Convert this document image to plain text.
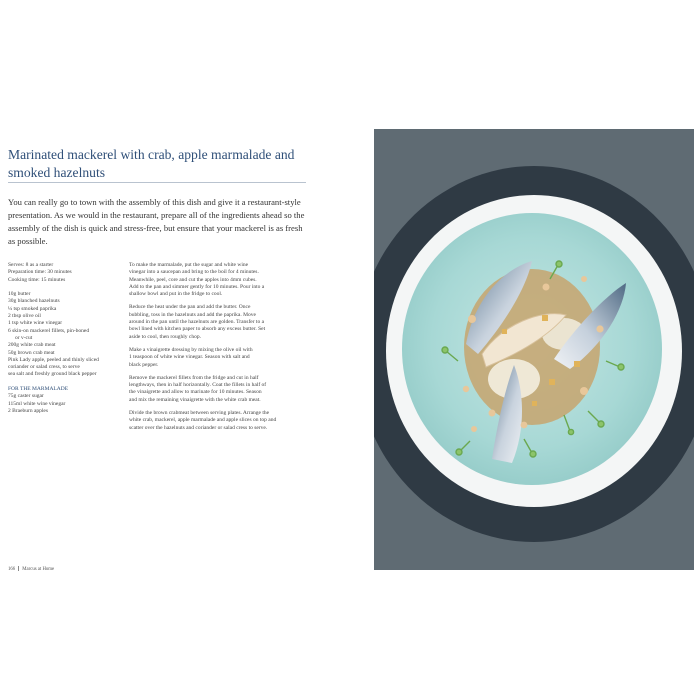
Marinated mackerel with crab, apple marmalade and smoked hazelnuts

You can really go to town with the assembly of this dish and give it a restaurant-style presentation. As we would in the restaurant, prepare all of the ingredients ahead so the assembly of the dish is quick and stress-free, but ensure that your mackerel is as fresh as possible.

Serves: 8 as a starter
Preparation time: 30 minutes
Cooking time: 15 minutes
10g butter
30g blanched hazelnuts
¼ tsp smoked paprika
2 tbsp olive oil
1 tsp white wine vinegar
6 skin-on mackerel fillets, pin-boned
or v-cut
200g white crab meat
50g brown crab meat
Pink Lady apple, peeled and thinly sliced
coriander or salad cress, to serve
sea salt and freshly ground black pepper
FOR THE MARMALADE
75g caster sugar
115ml white wine vinegar
2 Braeburn apples
To make the marmalade, put the sugar and white wine
vinegar into a saucepan and bring to the boil for 4 minutes.
Meanwhile, peel, core and cut the apples into 4mm cubes.
Add to the pan and simmer gently for 10 minutes. Pour into a
shallow bowl and put in the fridge to cool.
Reduce the heat under the pan and add the butter. Once
bubbling, toss in the hazelnuts and add the paprika. Move
around in the pan until the hazelnuts are golden. Transfer to a
bowl lined with kitchen paper to absorb any excess butter. Set
aside to cool, then roughly chop.
Make a vinaigrette dressing by mixing the olive oil with
1 teaspoon of white wine vinegar. Season with salt and
black pepper.
Remove the mackerel fillets from the fridge and cut in half
lengthways, then in half horizontally. Coat the fillets in half of
the vinaigrette and allow to marinate for 10 minutes. Season
and mix the remaining vinaigrette with the white crab meat.
Divide the brown crabmeat between serving plates. Arrange the
white crab, mackerel, apple marmalade and apple slices on top and
scatter over the hazelnuts and coriander or salad cress to serve.
166 Marcus at Home
